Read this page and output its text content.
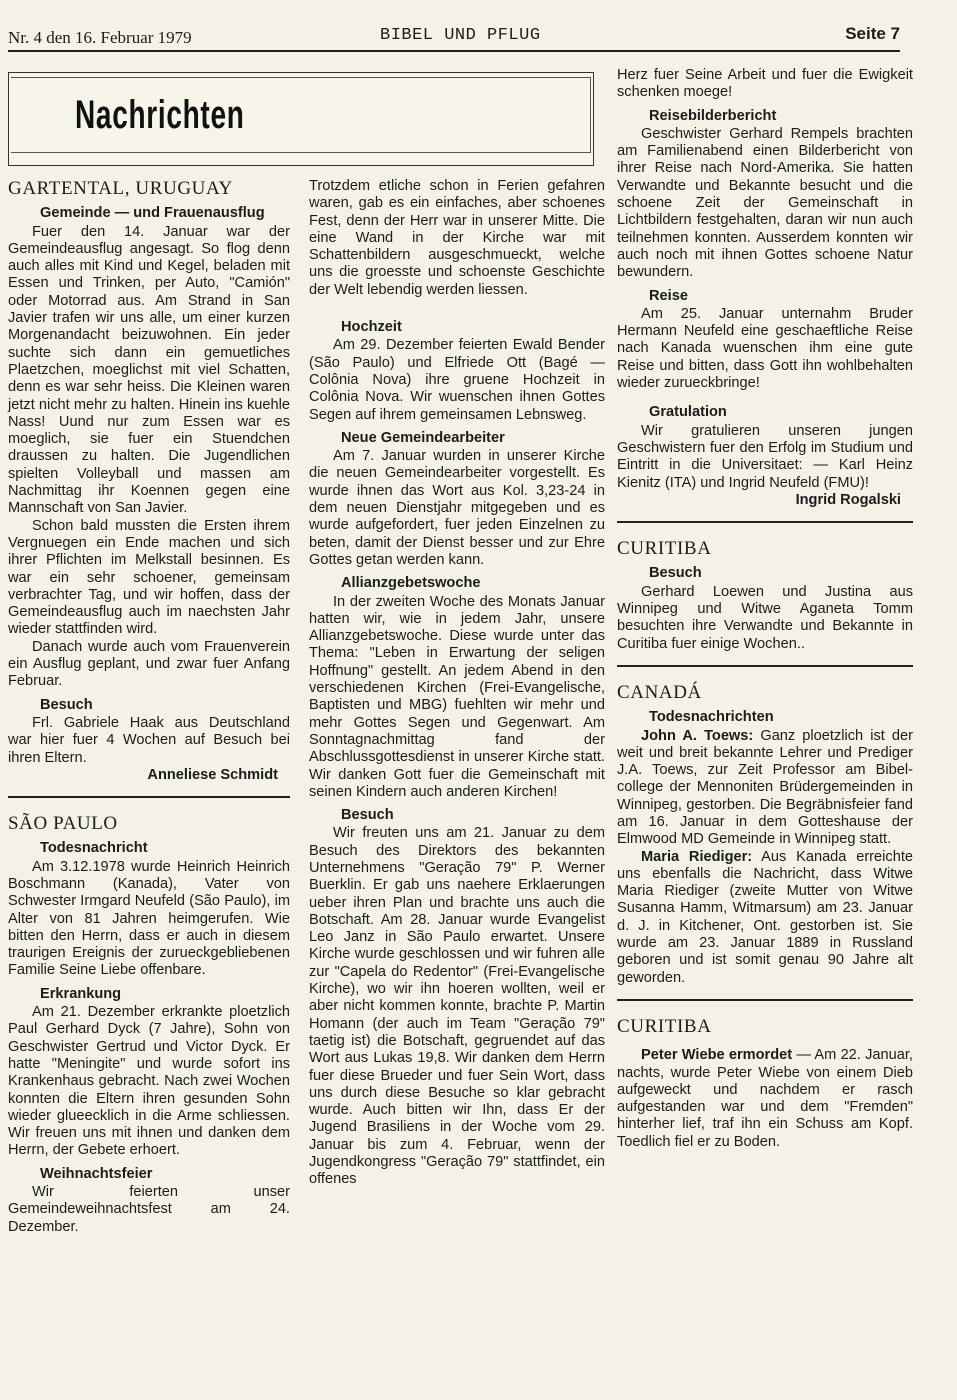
Nr. 4 den 16. Februar 1979	BIBEL UND PFLUG	Seite 7
Nachrichten
GARTENTAL, URUGUAY
Gemeinde — und Frauenausflug

Fuer den 14. Januar war der Gemeindeausflug angesagt. So flog denn auch alles mit Kind und Kegel, beladen mit Essen und Trinken, per Auto, "Camión" oder Motorrad aus. Am Strand in San Javier trafen wir uns alle, um einer kurzen Morgenandacht beizuwohnen. Ein jeder suchte sich dann ein gemuetliches Plaetzchen, moeglichst mit viel Schatten, denn es war sehr heiss. Die Kleinen waren jetzt nicht mehr zu halten. Hinein ins kuehle Nass! Uund nur zum Essen war es moeglich, sie fuer ein Stuendchen draussen zu halten. Die Jugendlichen spielten Volleyball und massen am Nachmittag ihr Koennen gegen eine Mannschaft von San Javier.

Schon bald mussten die Ersten ihrem Vergnuegen ein Ende machen und sich ihrer Pflichten im Melkstall besinnen. Es war ein sehr schoener, gemeinsam verbrachter Tag, und wir hoffen, dass der Gemeindeausflug auch im naechsten Jahr wieder stattfinden wird.

Danach wurde auch vom Frauenverein ein Ausflug geplant, und zwar fuer Anfang Februar.

Besuch

Frl. Gabriele Haak aus Deutschland war hier fuer 4 Wochen auf Besuch bei ihren Eltern.

Anneliese Schmidt
SÃO PAULO
Todesnachricht

Am 3.12.1978 wurde Heinrich Heinrich Boschmann (Kanada), Vater von Schwester Irmgard Neufeld (São Paulo), im Alter von 81 Jahren heimgerufen. Wie bitten den Herrn, dass er auch in diesem traurigen Ereignis der zurueckgebliebenen Familie Seine Liebe offenbare.

Erkrankung

Am 21. Dezember erkrankte ploetzlich Paul Gerhard Dyck (7 Jahre), Sohn von Geschwister Gertrud und Victor Dyck. Er hatte "Meningite" und wurde sofort ins Krankenhaus gebracht. Nach zwei Wochen konnten die Eltern ihren gesunden Sohn wieder glueecklich in die Arme schliessen. Wir freuen uns mit ihnen und danken dem Herrn, der Gebete erhoert.

Weihnachtsfeier

Wir feierten unser Gemeindeweihnachtsfest am 24. Dezember.

Trotzdem etliche schon in Ferien gefahren waren, gab es ein einfaches, aber schoenes Fest, denn der Herr war in unserer Mitte. Die eine Wand in der Kirche war mit Schattenbildern ausgeschmueckt, welche uns die groesste und schoenste Geschichte der Welt lebendig werden liessen.

Hochzeit

Am 29. Dezember feierten Ewald Bender (São Paulo) und Elfriede Ott (Bagé — Colônia Nova) ihre gruene Hochzeit in Colônia Nova. Wir wuenschen ihnen Gottes Segen auf ihrem gemeinsamen Lebnsweg.

Neue Gemeindearbeiter

Am 7. Januar wurden in unserer Kirche die neuen Gemeindearbeiter vorgestellt. Es wurde ihnen das Wort aus Kol. 3,23-24 in dem neuen Dienstjahr mitgegeben und es wurde aufgefordert, fuer jeden Einzelnen zu beten, damit der Dienst besser und zur Ehre Gottes getan werden kann.

Allianzgebetswoche

In der zweiten Woche des Monats Januar hatten wir, wie in jedem Jahr, unsere Allianzgebetswoche. Diese wurde unter das Thema: "Leben in Erwartung der seligen Hoffnung" gestellt. An jedem Abend in den verschiedenen Kirchen (Frei-Evangelische, Baptisten und MBG) fuehlten wir mehr und mehr Gottes Segen und Gegenwart. Am Sonntagnachmittag fand der Abschlussgottesdienst in unserer Kirche statt. Wir danken Gott fuer die Gemeinschaft mit seinen Kindern auch anderen Kirchen!

Besuch

Wir freuten uns am 21. Januar zu dem Besuch des Direktors des bekannten Unternehmens "Geração 79" P. Werner Buerklin. Er gab uns naehere Erklaerungen ueber ihren Plan und brachte uns auch die Botschaft. Am 28. Januar wurde Evangelist Leo Janz in São Paulo erwartet. Unsere Kirche wurde geschlossen und wir fuhren alle zur "Capela do Redentor" (Frei-Evangelische Kirche), wo wir ihn hoeren wollten, weil er aber nicht kommen konnte, brachte P. Martin Homann (der auch im Team "Geração 79" taetig ist) die Botschaft, gegruendet auf das Wort aus Lukas 19,8. Wir danken dem Herrn fuer diese Brueder und fuer Sein Wort, dass uns durch diese Besuche so klar gebracht wurde. Auch bitten wir Ihn, dass Er der Jugend Brasiliens in der Woche vom 29. Januar bis zum 4. Februar, wenn der Jugendkongress "Geração 79" stattfindet, ein offenes

Herz fuer Seine Arbeit und fuer die Ewigkeit schenken moege!

Reisebilderbericht

Geschwister Gerhard Rempels brachten am Familienabend einen Bilderbericht von ihrer Reise nach Nord-Amerika. Sie hatten Verwandte und Bekannte besucht und die schoene Zeit der Gemeinschaft in Lichtbildern festgehalten, daran wir nun auch teilnehmen konnten. Ausserdem konnten wir auch noch mit ihnen Gottes schoene Natur bewundern.

Reise

Am 25. Januar unternahm Bruder Hermann Neufeld eine geschaeftliche Reise nach Kanada wuenschen ihm eine gute Reise und bitten, dass Gott ihn wohlbehalten wieder zurueckbringe!

Gratulation

Wir gratulieren unseren jungen Geschwistern fuer den Erfolg im Studium und Eintritt in die Universitaet: — Karl Heinz Kienitz (ITA) und Ingrid Neufeld (FMU)!

Ingrid Rogalski
CURITIBA
Besuch

Gerhard Loewen und Justina aus Winnipeg und Witwe Aganeta Tomm besuchten ihre Verwandte und Bekannte in Curitiba fuer einige Wochen..

CANADÁ
Todesnachrichten

John A. Toews: Ganz ploetzlich ist der weit und breit bekannte Lehrer und Prediger J.A. Toews, zur Zeit Professor am Bibel-college der Mennoniten Brüdergemeinden in Winnipeg, gestorben. Die Begräbnisfeier fand am 16. Januar in dem Gotteshause der Elmwood MD Gemeinde in Winnipeg statt.

Maria Riediger: Aus Kanada erreichte uns ebenfalls die Nachricht, dass Witwe Maria Riediger (zweite Mutter von Witwe Susanna Hamm, Witmarsum) am 23. Januar d. J. in Kitchener, Ont. gestorben ist. Sie wurde am 23. Januar 1889 in Russland geboren und ist somit genau 90 Jahre alt geworden.

CURITIBA

Peter Wiebe ermordet — Am 22. Januar, nachts, wurde Peter Wiebe von einem Dieb aufgeweckt und nachdem er rasch aufgestanden war und dem "Fremden" hinterher lief, traf ihn ein Schuss am Kopf. Toedlich fiel er zu Boden.
